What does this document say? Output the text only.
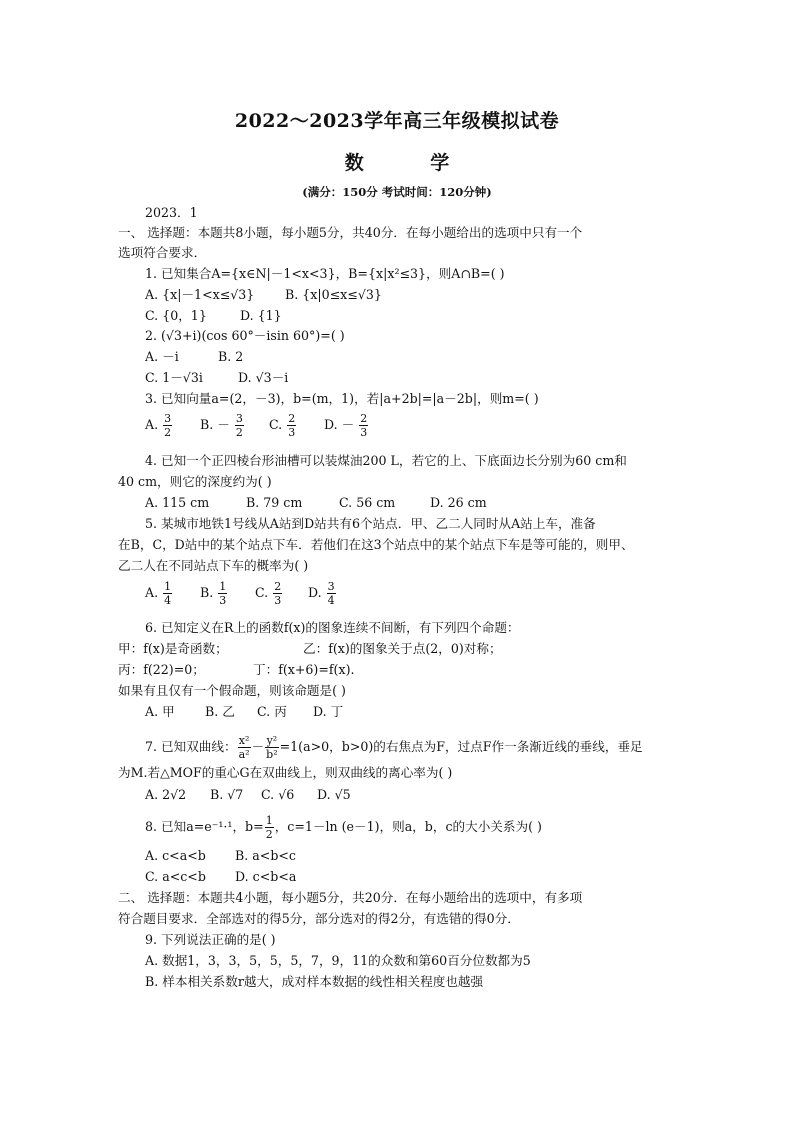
2022～2023学年高三年级模拟试卷
数 学
(满分：150分 考试时间：120分钟)
2023．1
一、 选择题：本题共8小题，每小题5分，共40分．在每小题给出的选项中只有一个
选项符合要求．
1. 已知集合A={x∈N|－1<x<3}，B={x|x²≤3}，则A∩B=( )
A. {x|－1<x≤√3} B. {x|0≤x≤√3}
C. {0，1}	D. {1}
2. (√3+i)(cos 60°－isin 60°)=( )
A. －i	B. 2
C. 1－√3i	D. √3－i
3. 已知向量a=(2，－3)，b=(m，1)，若|a+2b|=|a－2b|，则m=( )
A. $\frac{3}{2} B$. － $\frac{3}{2} C$. $\frac{2}{3} D$. － $\frac{2}{3}$
4. 已知一个正四棱台形油槽可以装煤油200 L，若它的上、下底面边长分别为60 cm和
40 cm，则它的深度约为( )
A. 115 cm	B. 79 cm	C. 56 cm	D. 26 cm
5. 某城市地铁1号线从A站到D站共有6个站点．甲、乙二人同时从A站上车，准备
在B，C，D站中的某个站点下车．若他们在这3个站点中的某个站点下车是等可能的，则甲、
乙二人在不同站点下车的概率为( )
A. $\frac{1}{4} B$. $\frac{1}{3} C$. $\frac{2}{3} D$. $\frac{3}{4}$
6. 已知定义在R上的函数f(x)的图象连续不间断，有下列四个命题：
甲：f(x)是奇函数；	乙：f(x)的图象关于点(2，0)对称；
丙：f(22)=0；	丁：f(x+6)=f(x).
如果有且仅有一个假命题，则该命题是( )
A. 甲 B. 乙 C. 丙 D. 丁
7. 已知双曲线： $\frac{\text{x²}}{\text{a²}} - \frac{\text{y²}}{\text{b²}} =1(a>0$，b>0)的右焦点为F，过点F作一条渐近线的垂线，垂足
为M.若△MOF的重心G在双曲线上，则双曲线的离心率为( )
A. 2√2 B. √7 C. √6 D. √5
8. 已知a=e⁻¹·¹，$b= \frac{1}{2}$ ，c=1－ln (e－1)，则a，b，c的大小关系为( )
A. c<a<b B. a<b<c
C. a<c<b D. c<b<a
二、 选择题：本题共4小题，每小题5分，共20分．在每小题给出的选项中，有多项
符合题目要求．全部选对的得5分，部分选对的得2分，有选错的得0分．
9. 下列说法正确的是( )
A. 数据1，3，3，5，5，5，7，9，11的众数和第60百分位数都为5
B. 样本相关系数r越大，成对样本数据的线性相关程度也越强
